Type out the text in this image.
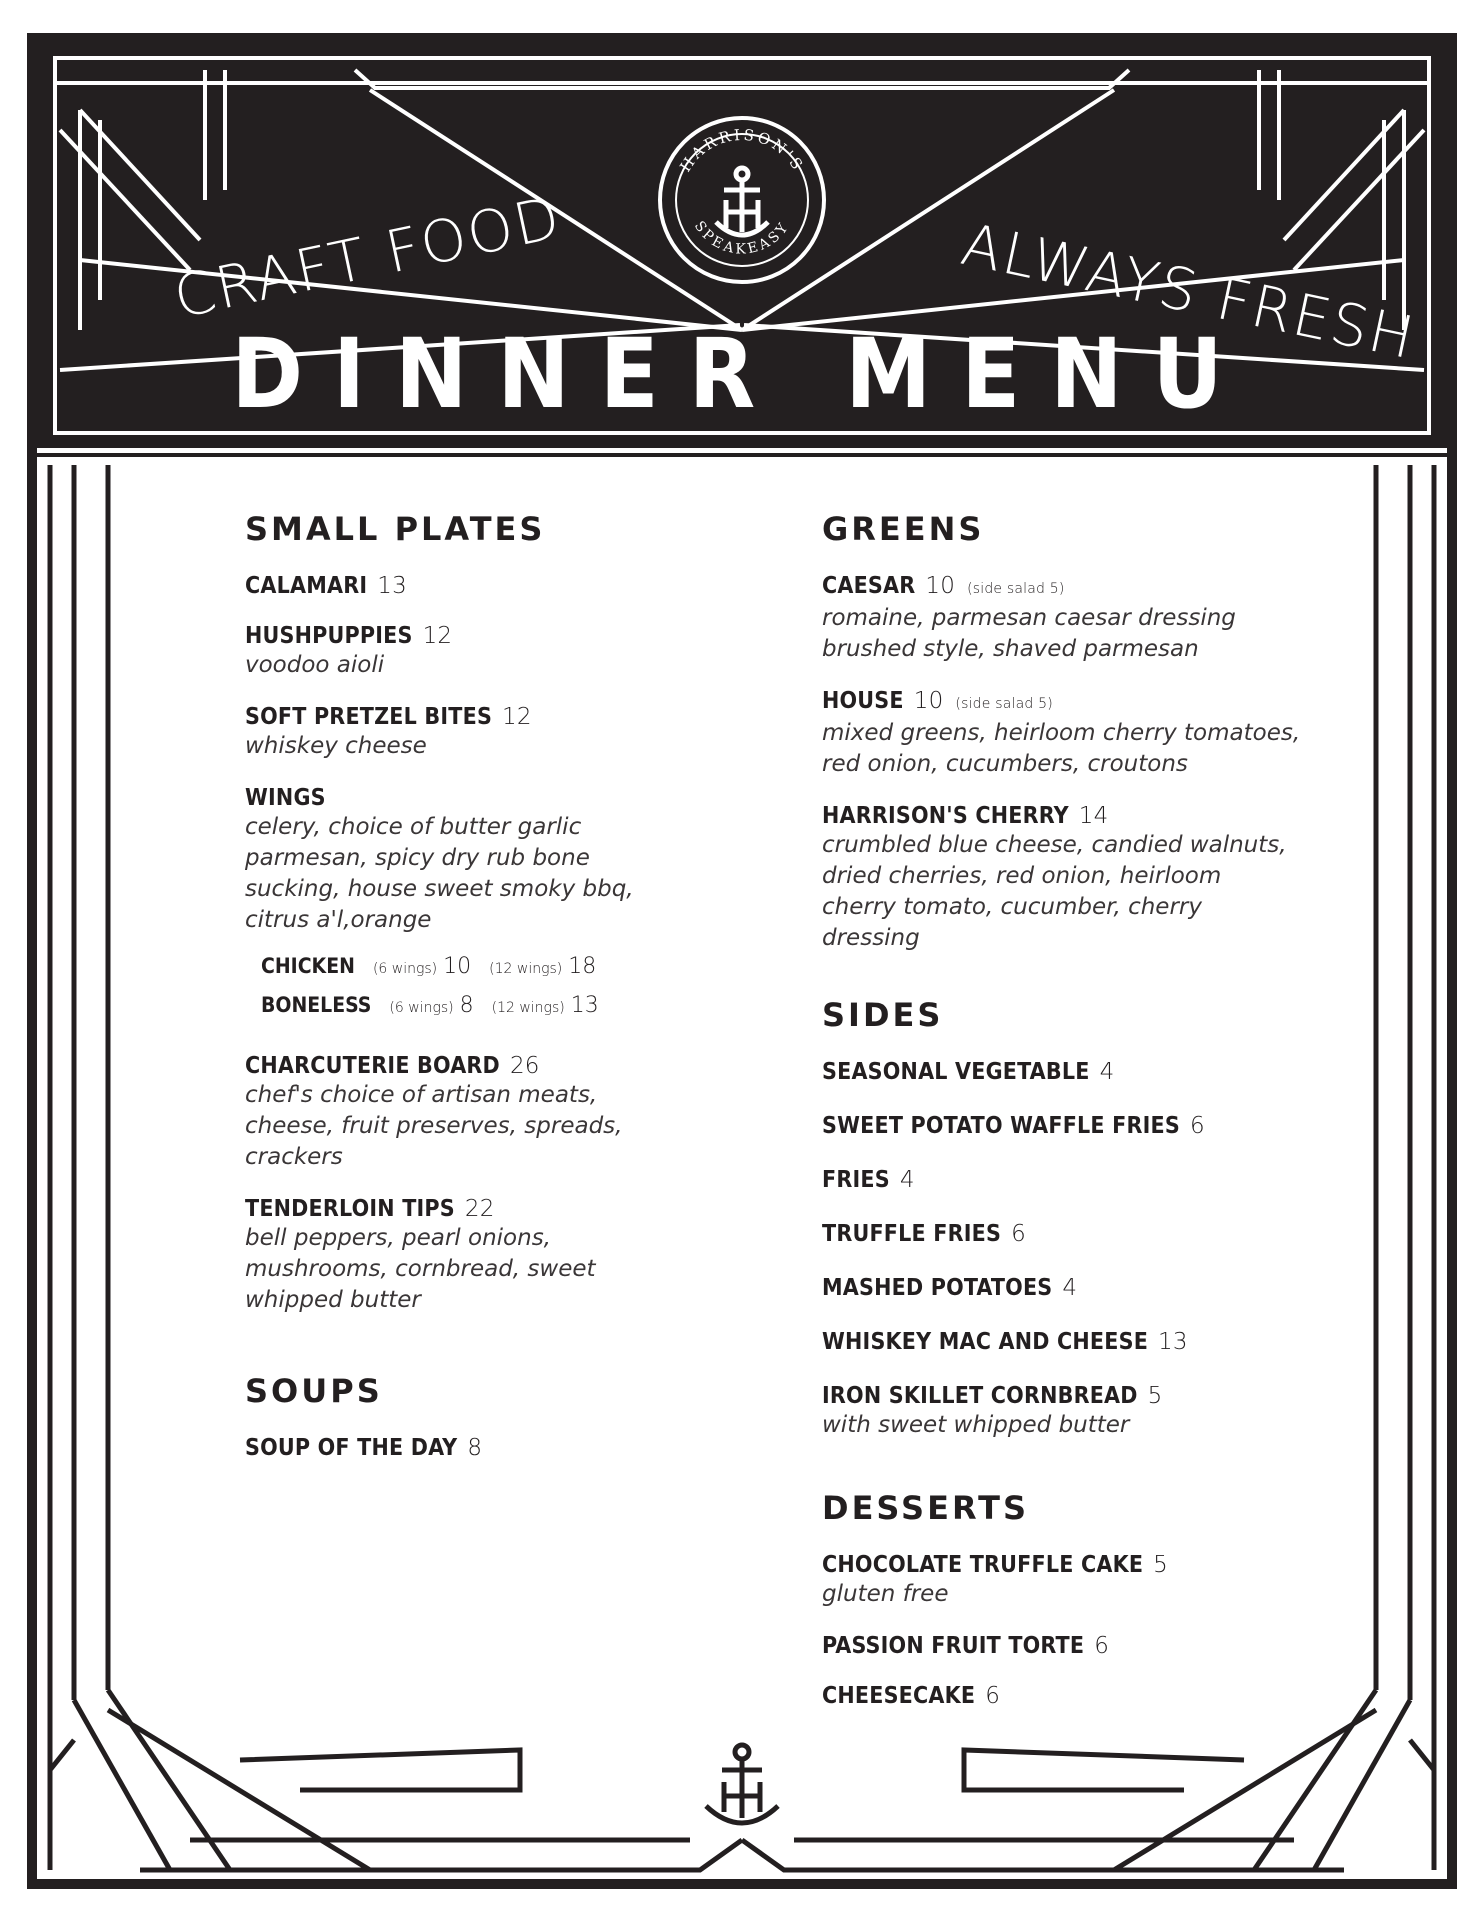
HARRISON'S
SPEAKEASY
CRAFT FOOD	ALWAYS FRESH
DINNER MENU
SMALL PLATES
CALAMARI 13
HUSHPUPPIES 12
voodoo aioli
SOFT PRETZEL BITES 12
whiskey cheese
WINGS
celery, choice of butter garlic parmesan, spicy dry rub bone sucking, house sweet smoky bbq, citrus a'l,orange
CHICKEN (6 wings) 10 (12 wings) 18
BONELESS (6 wings) 8 (12 wings) 13
CHARCUTERIE BOARD 26
chef's choice of artisan meats, cheese, fruit preserves, spreads, crackers
TENDERLOIN TIPS 22
bell peppers, pearl onions, mushrooms, cornbread, sweet whipped butter
SOUPS
SOUP OF THE DAY 8
GREENS
CAESAR 10 (side salad 5)
romaine, parmesan caesar dressing brushed style, shaved parmesan
HOUSE 10 (side salad 5)
mixed greens, heirloom cherry tomatoes, red onion, cucumbers, croutons
HARRISON'S CHERRY 14
crumbled blue cheese, candied walnuts, dried cherries, red onion, heirloom cherry tomato, cucumber, cherry dressing
SIDES
SEASONAL VEGETABLE 4
SWEET POTATO WAFFLE FRIES 6
FRIES 4
TRUFFLE FRIES 6
MASHED POTATOES 4
WHISKEY MAC AND CHEESE 13
IRON SKILLET CORNBREAD 5
with sweet whipped butter
DESSERTS
CHOCOLATE TRUFFLE CAKE 5
gluten free
PASSION FRUIT TORTE 6
CHEESECAKE 6
